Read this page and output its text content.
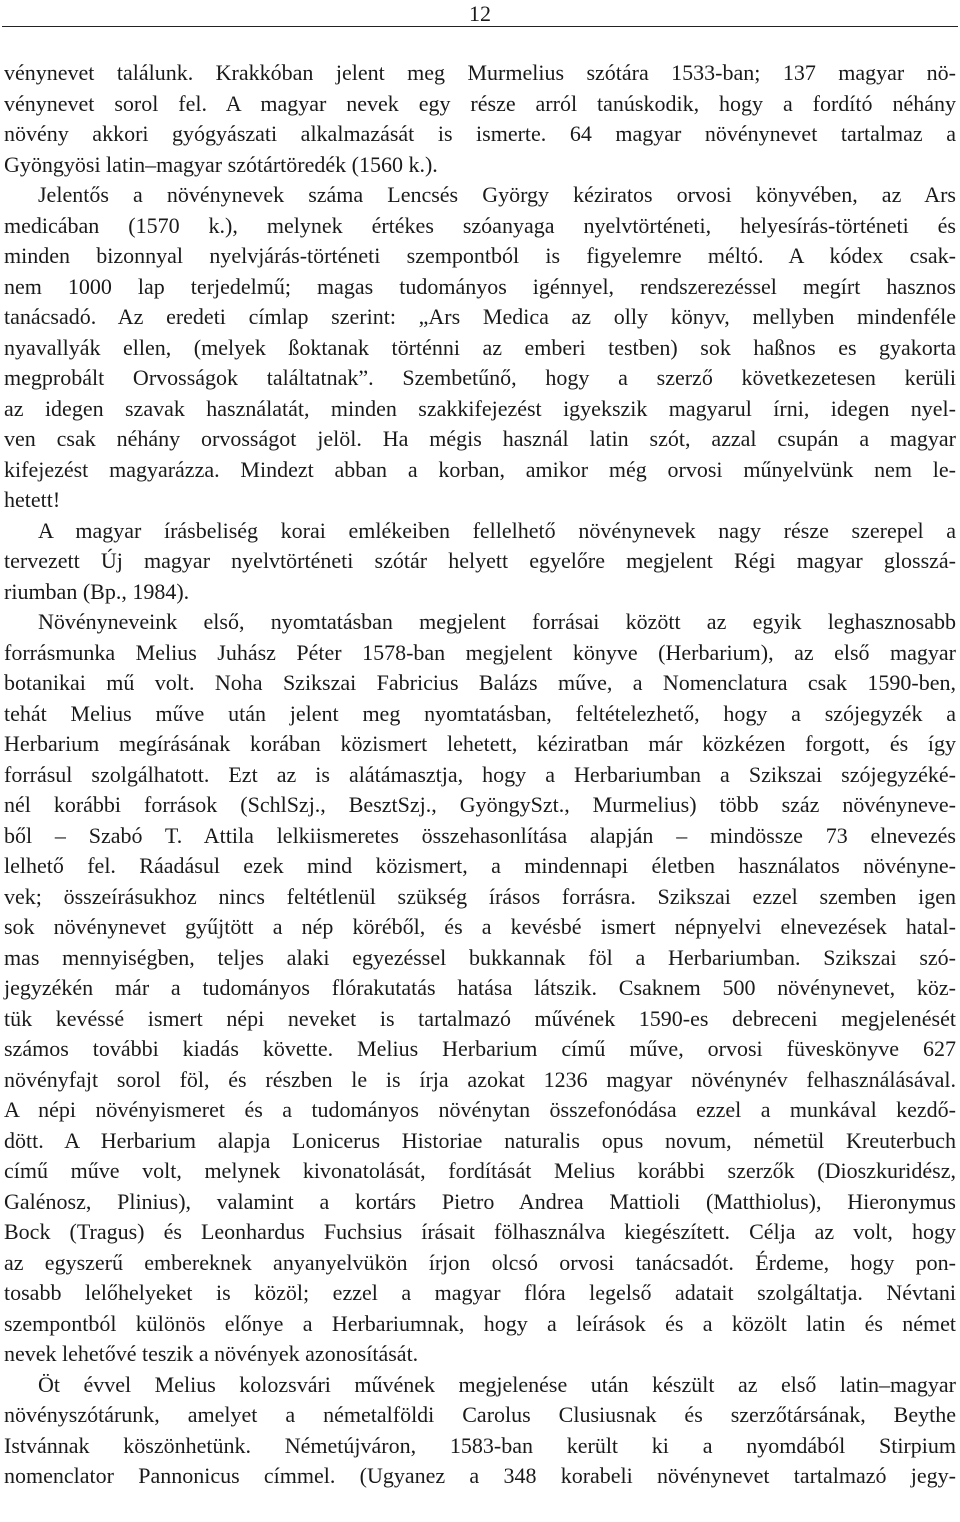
12
vénynevet találunk. Krakkóban jelent meg Murmelius szótára 1533-ban; 137 magyar nö-
vénynevet sorol fel. A magyar nevek egy része arról tanúskodik, hogy a fordító néhány
növény akkori gyógyászati alkalmazását is ismerte. 64 magyar növénynevet tartalmaz a
Gyöngyösi latin–magyar szótártöredék (1560 k.).
Jelentős a növénynevek száma Lencsés György kéziratos orvosi könyvében, az Ars
medicában (1570 k.), melynek értékes szóanyaga nyelvtörténeti, helyesírás-történeti és
minden bizonnyal nyelvjárás-történeti szempontból is figyelemre méltó. A kódex csak-
nem 1000 lap terjedelmű; magas tudományos igénnyel, rendszerezéssel megírt hasznos
tanácsadó. Az eredeti címlap szerint: „Ars Medica az olly könyv, mellyben mindenféle
nyavallyák ellen, (melyek ßoktanak történni az emberi testben) sok haßnos es gyakorta
megprobált Orvosságok találtatnak”. Szembetűnő, hogy a szerző következetesen kerüli
az idegen szavak használatát, minden szakkifejezést igyekszik magyarul írni, idegen nyel-
ven csak néhány orvosságot jelöl. Ha mégis használ latin szót, azzal csupán a magyar
kifejezést magyarázza. Mindezt abban a korban, amikor még orvosi műnyelvünk nem le-
hetett!
A magyar írásbeliség korai emlékeiben fellelhető növénynevek nagy része szerepel a
tervezett Új magyar nyelvtörténeti szótár helyett egyelőre megjelent Régi magyar glosszá-
riumban (Bp., 1984).
Növényneveink első, nyomtatásban megjelent forrásai között az egyik leghasznosabb
forrásmunka Melius Juhász Péter 1578-ban megjelent könyve (Herbarium), az első magyar
botanikai mű volt. Noha Szikszai Fabricius Balázs műve, a Nomenclatura csak 1590-ben,
tehát Melius műve után jelent meg nyomtatásban, feltételezhető, hogy a szójegyzék a
Herbarium megírásának korában közismert lehetett, kéziratban már közkézen forgott, és így
forrásul szolgálhatott. Ezt az is alátámasztja, hogy a Herbariumban a Szikszai szójegyzéké-
nél korábbi források (SchlSzj., BesztSzj., GyöngySzt., Murmelius) több száz növényneve-
ből – Szabó T. Attila lelkiismeretes összehasonlítása alapján – mindössze 73 elnevezés
lelhető fel. Ráadásul ezek mind közismert, a mindennapi életben használatos növényne-
vek; összeírásukhoz nincs feltétlenül szükség írásos forrásra. Szikszai ezzel szemben igen
sok növénynevet gyűjtött a nép köréből, és a kevésbé ismert népnyelvi elnevezések hatal-
mas mennyiségben, teljes alaki egyezéssel bukkannak föl a Herbariumban. Szikszai szó-
jegyzékén már a tudományos flórakutatás hatása látszik. Csaknem 500 növénynevet, köz-
tük kevéssé ismert népi neveket is tartalmazó művének 1590-es debreceni megjelenését
számos további kiadás követte. Melius Herbarium című műve, orvosi füveskönyve 627
növényfajt sorol föl, és részben le is írja azokat 1236 magyar növénynév felhasználásával.
A népi növényismeret és a tudományos növénytan összefonódása ezzel a munkával kezdő-
dött. A Herbarium alapja Lonicerus Historiae naturalis opus novum, németül Kreuterbuch
című műve volt, melynek kivonatolását, fordítását Melius korábbi szerzők (Dioszkuridész,
Galénosz, Plinius), valamint a kortárs Pietro Andrea Mattioli (Matthiolus), Hieronymus
Bock (Tragus) és Leonhardus Fuchsius írásait fölhasználva kiegészített. Célja az volt, hogy
az egyszerű embereknek anyanyelvükön írjon olcsó orvosi tanácsadót. Érdeme, hogy pon-
tosabb lelőhelyeket is közöl; ezzel a magyar flóra legelső adatait szolgáltatja. Névtani
szempontból különös előnye a Herbariumnak, hogy a leírások és a közölt latin és német
nevek lehetővé teszik a növények azonosítását.
Öt évvel Melius kolozsvári művének megjelenése után készült az első latin–magyar
növényszótárunk, amelyet a németalföldi Carolus Clusiusnak és szerzőtársának, Beythe
Istvánnak köszönhetünk. Németújváron, 1583-ban került ki a nyomdából Stirpium
nomenclator Pannonicus címmel. (Ugyanez a 348 korabeli növénynevet tartalmazó jegy-
